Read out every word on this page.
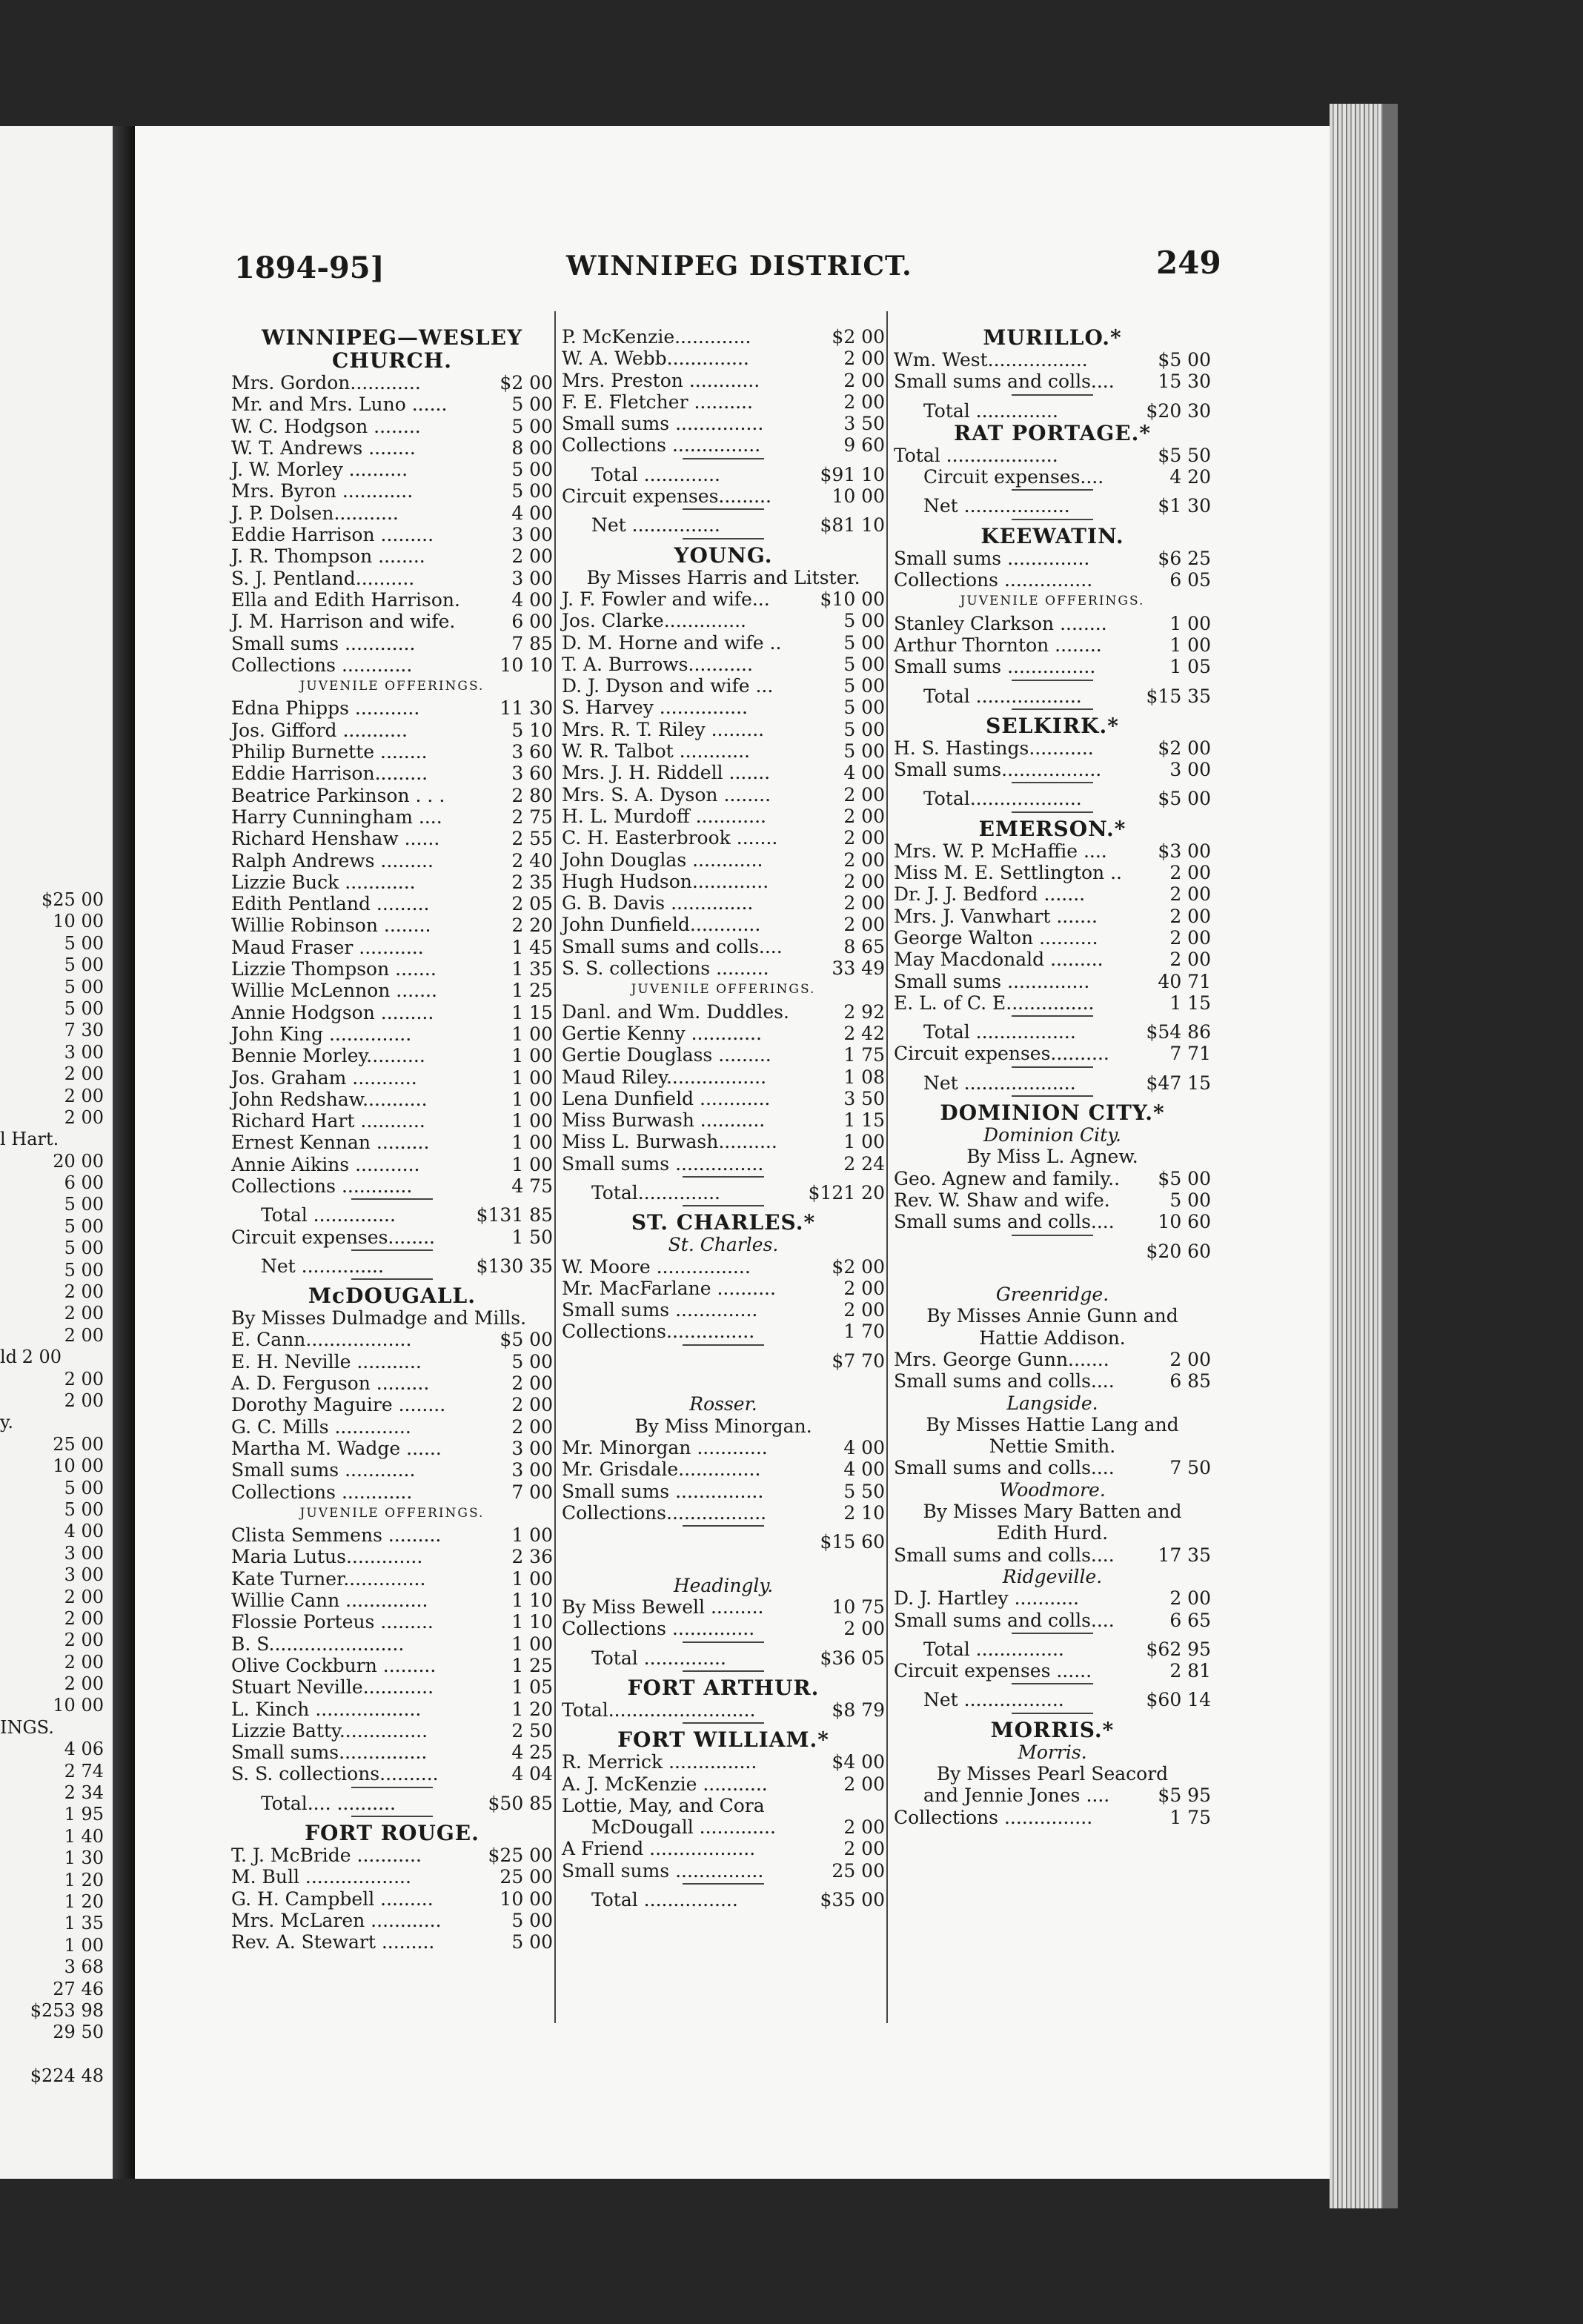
$25 00
10 00
5 00
5 00
5 00
5 00
7 30
3 00
2 00
2 00
2 00
l Hart.
20 00
6 00
5 00
5 00
5 00
5 00
2 00
2 00
2 00
ld 2 00
2 00
2 00
y.
25 00
10 00
5 00
5 00
4 00
3 00
3 00
2 00
2 00
2 00
2 00
2 00
10 00
INGS.
4 06
2 74
2 34
1 95
1 40
1 30
1 20
1 20
1 35
1 00
3 68
27 46
$253 98
29 50
$224 48
1894-95]	WINNIPEG DISTRICT.	249
WINNIPEG—WESLEY
CHURCH.
Mrs. Gordon............	$2 00
Mr. and Mrs. Luno ......	5 00
W. C. Hodgson ........	5 00
W. T. Andrews ........	8 00
J. W. Morley ..........	5 00
Mrs. Byron ............	5 00
J. P. Dolsen...........	4 00
Eddie Harrison .........	3 00
J. R. Thompson ........	2 00
S. J. Pentland..........	3 00
Ella and Edith Harrison.	4 00
J. M. Harrison and wife.	6 00
Small sums ............	7 85
Collections ............	10 10
JUVENILE OFFERINGS.
Edna Phipps ...........	11 30
Jos. Gifford ...........	5 10
Philip Burnette ........	3 60
Eddie Harrison.........	3 60
Beatrice Parkinson . . .	2 80
Harry Cunningham ....	2 75
Richard Henshaw ......	2 55
Ralph Andrews .........	2 40
Lizzie Buck ............	2 35
Edith Pentland .........	2 05
Willie Robinson ........	2 20
Maud Fraser ...........	1 45
Lizzie Thompson .......	1 35
Willie McLennon .......	1 25
Annie Hodgson .........	1 15
John King ..............	1 00
Bennie Morley..........	1 00
Jos. Graham ...........	1 00
John Redshaw...........	1 00
Richard Hart ...........	1 00
Ernest Kennan .........	1 00
Annie Aikins ...........	1 00
Collections ............	4 75
Total ..............	$131 85
Circuit expenses........	1 50
Net ..............	$130 35
McDOUGALL.
By Misses Dulmadge and Mills.
E. Cann..................	$5 00
E. H. Neville ...........	5 00
A. D. Ferguson .........	2 00
Dorothy Maguire ........	2 00
G. C. Mills .............	2 00
Martha M. Wadge ......	3 00
Small sums ............	3 00
Collections ............	7 00
JUVENILE OFFERINGS.
Clista Semmens .........	1 00
Maria Lutus.............	2 36
Kate Turner..............	1 00
Willie Cann ..............	1 10
Flossie Porteus .........	1 10
B. S.......................	1 00
Olive Cockburn .........	1 25
Stuart Neville............	1 05
L. Kinch ..................	1 20
Lizzie Batty...............	2 50
Small sums...............	4 25
S. S. collections..........	4 04
Total.... ..........	$50 85
FORT ROUGE.
T. J. McBride ...........	$25 00
M. Bull ..................	25 00
G. H. Campbell .........	10 00
Mrs. McLaren ............	5 00
Rev. A. Stewart .........	5 00
P. McKenzie.............	$2 00
W. A. Webb..............	2 00
Mrs. Preston ............	2 00
F. E. Fletcher ..........	2 00
Small sums ...............	3 50
Collections ...............	9 60
Total .............	$91 10
Circuit expenses.........	10 00
Net ...............	$81 10
YOUNG.
By Misses Harris and Litster.
J. F. Fowler and wife...	$10 00
Jos. Clarke..............	5 00
D. M. Horne and wife ..	5 00
T. A. Burrows...........	5 00
D. J. Dyson and wife ...	5 00
S. Harvey ...............	5 00
Mrs. R. T. Riley .........	5 00
W. R. Talbot ............	5 00
Mrs. J. H. Riddell .......	4 00
Mrs. S. A. Dyson ........	2 00
H. L. Murdoff ............	2 00
C. H. Easterbrook .......	2 00
John Douglas ............	2 00
Hugh Hudson.............	2 00
G. B. Davis ..............	2 00
John Dunfield............	2 00
Small sums and colls....	8 65
S. S. collections .........	33 49
JUVENILE OFFERINGS.
Danl. and Wm. Duddles.	2 92
Gertie Kenny ............	2 42
Gertie Douglass .........	1 75
Maud Riley.................	1 08
Lena Dunfield ............	3 50
Miss Burwash ...........	1 15
Miss L. Burwash..........	1 00
Small sums ...............	2 24
Total..............	$121 20
ST. CHARLES.*
St. Charles.
W. Moore ................	$2 00
Mr. MacFarlane ..........	2 00
Small sums ..............	2 00
Collections...............	1 70
$7 70
Rosser.
By Miss Minorgan.
Mr. Minorgan ............	4 00
Mr. Grisdale..............	4 00
Small sums ...............	5 50
Collections.................	2 10
$15 60
Headingly.
By Miss Bewell .........	10 75
Collections ..............	2 00
Total ..............	$36 05
FORT ARTHUR.
Total.........................	$8 79
FORT WILLIAM.*
R. Merrick ...............	$4 00
A. J. McKenzie ...........	2 00
Lottie, May, and Cora
McDougall .............	2 00
A Friend ..................	2 00
Small sums ...............	25 00
Total ................	$35 00
MURILLO.*
Wm. West.................	$5 00
Small sums and colls....	15 30
Total ..............	$20 30
RAT PORTAGE.*
Total ...................	$5 50
Circuit expenses....	4 20
Net ..................	$1 30
KEEWATIN.
Small sums ..............	$6 25
Collections ...............	6 05
JUVENILE OFFERINGS.
Stanley Clarkson ........	1 00
Arthur Thornton ........	1 00
Small sums ...............	1 05
Total ..................	$15 35
SELKIRK.*
H. S. Hastings...........	$2 00
Small sums.................	3 00
Total...................	$5 00
EMERSON.*
Mrs. W. P. McHaffie ....	$3 00
Miss M. E. Settlington ..	2 00
Dr. J. J. Bedford .......	2 00
Mrs. J. Vanwhart .......	2 00
George Walton ..........	2 00
May Macdonald .........	2 00
Small sums ..............	40 71
E. L. of C. E...............	1 15
Total .................	$54 86
Circuit expenses..........	7 71
Net ...................	$47 15
DOMINION CITY.*
Dominion City.
By Miss L. Agnew.
Geo. Agnew and family..	$5 00
Rev. W. Shaw and wife.	5 00
Small sums and colls....	10 60
$20 60
Greenridge.
By Misses Annie Gunn and
Hattie Addison.
Mrs. George Gunn.......	2 00
Small sums and colls....	6 85
Langside.
By Misses Hattie Lang and
Nettie Smith.
Small sums and colls....	7 50
Woodmore.
By Misses Mary Batten and
Edith Hurd.
Small sums and colls....	17 35
Ridgeville.
D. J. Hartley ...........	2 00
Small sums and colls....	6 65
Total ...............	$62 95
Circuit expenses ......	2 81
Net .................	$60 14
MORRIS.*
Morris.
By Misses Pearl Seacord
and Jennie Jones ....	$5 95
Collections ...............	1 75
